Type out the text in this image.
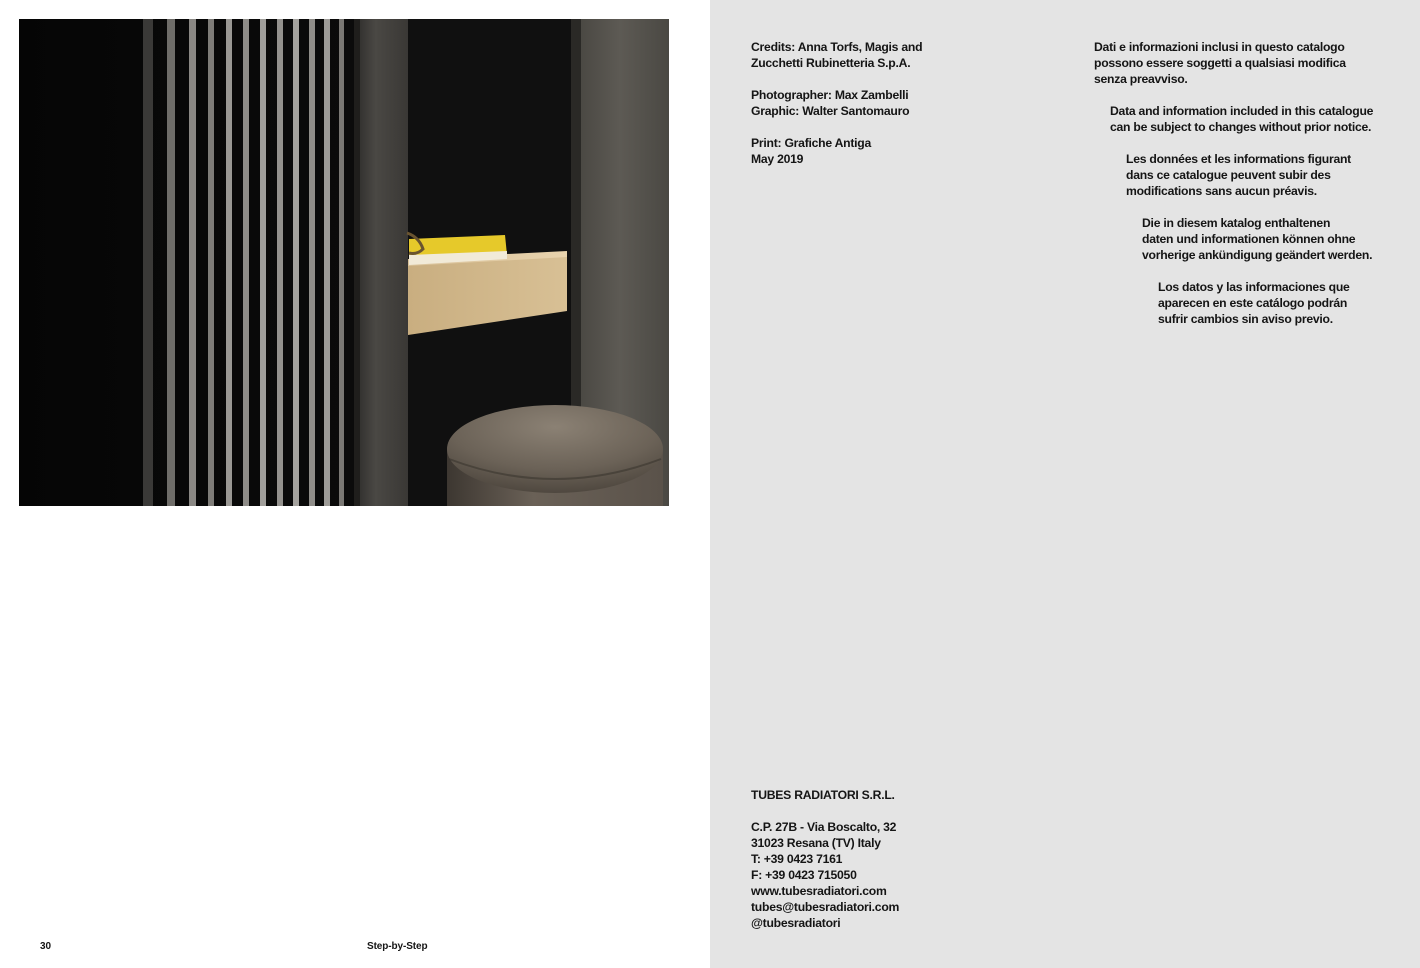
30	Step-by-Step
Credits: Anna Torfs, Magis and
Zucchetti Rubinetteria S.p.A.
Photographer: Max Zambelli
Graphic: Walter Santomauro
Print: Grafiche Antiga
May 2019
Dati e informazioni inclusi in questo catalogo
possono essere soggetti a qualsiasi modifica
senza preavviso.
Data and information included in this catalogue
can be subject to changes without prior notice.
Les données et les informations figurant
dans ce catalogue peuvent subir des
modifications sans aucun préavis.
Die in diesem katalog enthaltenen
daten und informationen können ohne
vorherige ankündigung geändert werden.
Los datos y las informaciones que
aparecen en este catálogo podrán
sufrir cambios sin aviso previo.
TUBES RADIATORI S.R.L.
C.P. 27B - Via Boscalto, 32
31023 Resana (TV) Italy
T: +39 0423 7161
F: +39 0423 715050
www.tubesradiatori.com
tubes@tubesradiatori.com
@tubesradiatori
